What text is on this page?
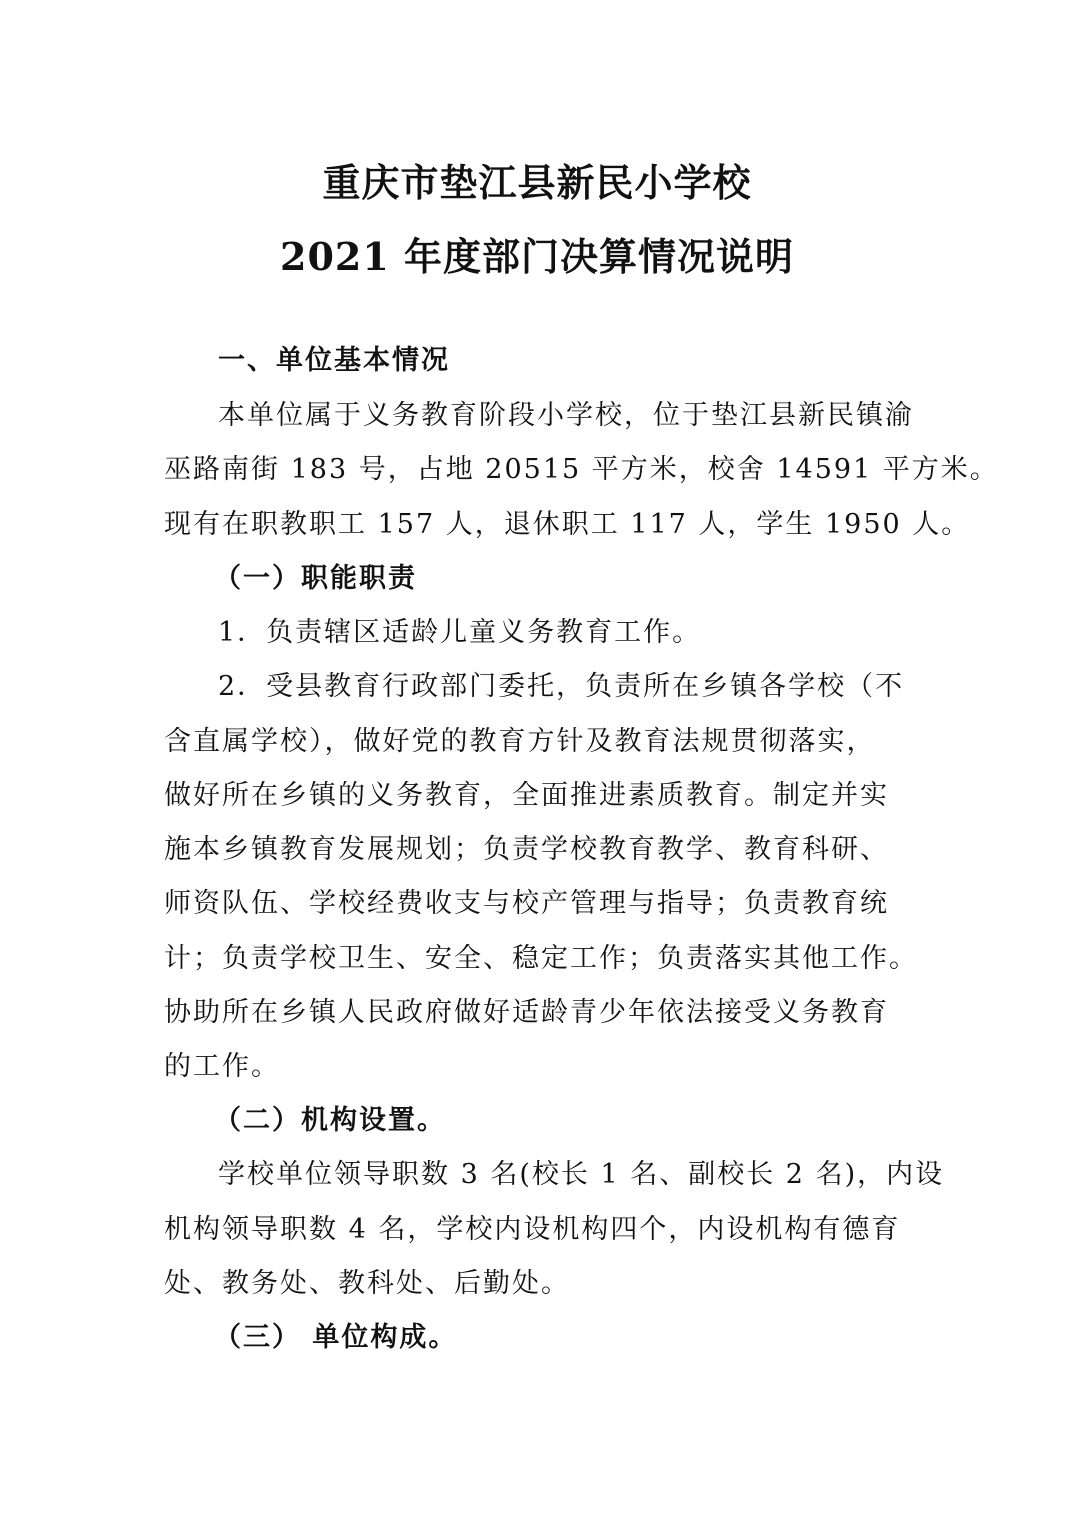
重庆市垫江县新民小学校
2021 年度部门决算情况说明
一、单位基本情况
本单位属于义务教育阶段小学校，位于垫江县新民镇渝
巫路南街 183 号，占地 20515 平方米，校舍 14591 平方米。
现有在职教职工 157 人，退休职工 117 人，学生 1950 人。
（一）职能职责
1．负责辖区适龄儿童义务教育工作。
2．受县教育行政部门委托，负责所在乡镇各学校（不
含直属学校），做好党的教育方针及教育法规贯彻落实，
做好所在乡镇的义务教育，全面推进素质教育。制定并实
施本乡镇教育发展规划；负责学校教育教学、教育科研、
师资队伍、学校经费收支与校产管理与指导；负责教育统
计；负责学校卫生、安全、稳定工作；负责落实其他工作。
协助所在乡镇人民政府做好适龄青少年依法接受义务教育
的工作。
（二）机构设置。
学校单位领导职数 3 名(校长 1 名、副校长 2 名)，内设
机构领导职数 4 名，学校内设机构四个，内设机构有德育
处、教务处、教科处、后勤处。
（三） 单位构成。
